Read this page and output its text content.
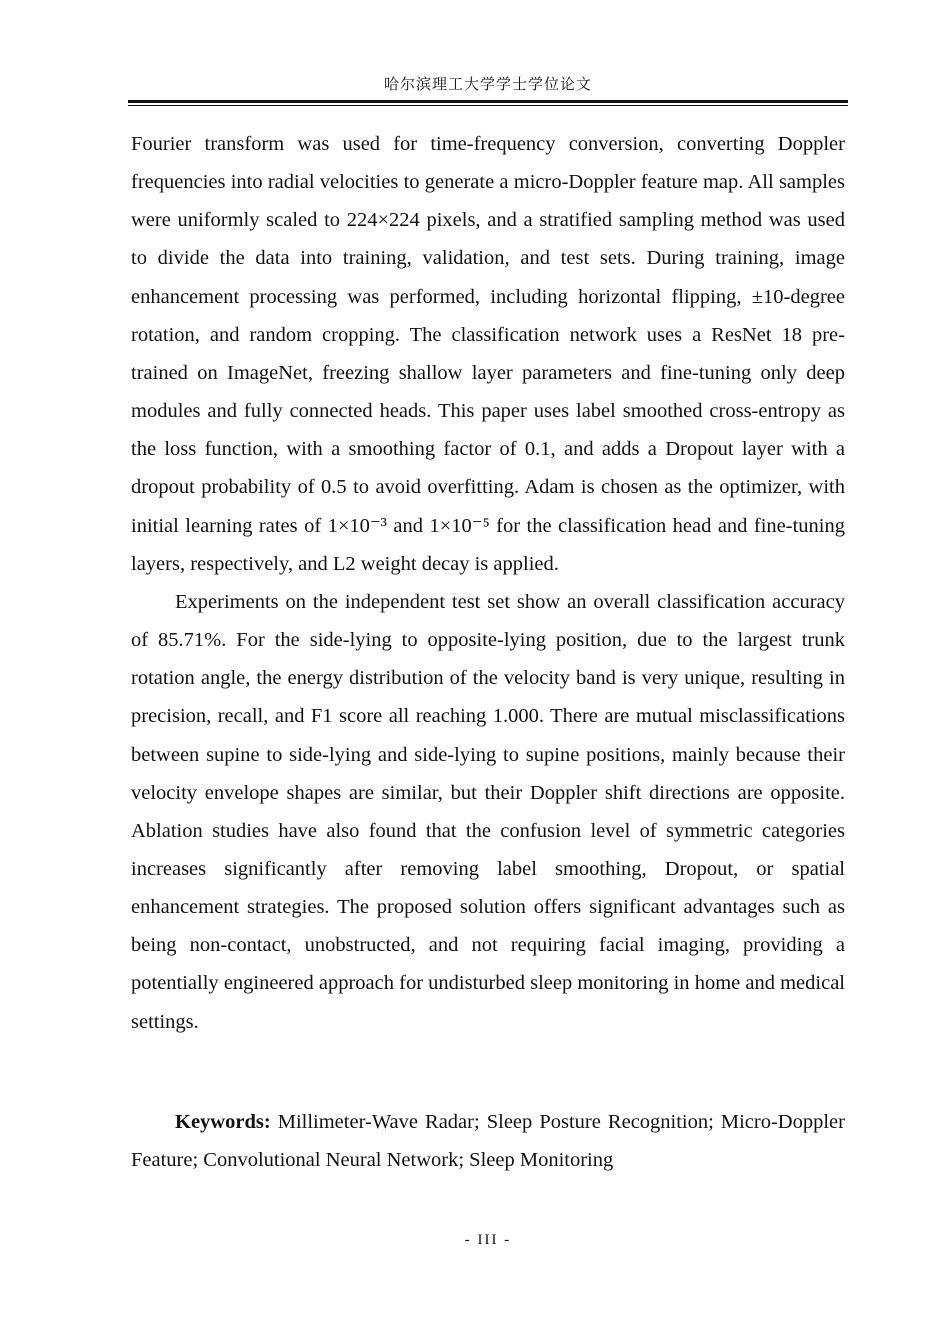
哈尔滨理工大学学士学位论文

Fourier transform was used for time-frequency conversion, converting Doppler frequencies into radial velocities to generate a micro-Doppler feature map. All samples were uniformly scaled to 224×224 pixels, and a stratified sampling method was used to divide the data into training, validation, and test sets. During training, image enhancement processing was performed, including horizontal flipping, ±10-degree rotation, and random cropping. The classification network uses a ResNet 18 pre-trained on ImageNet, freezing shallow layer parameters and fine-tuning only deep modules and fully connected heads. This paper uses label smoothed cross-entropy as the loss function, with a smoothing factor of 0.1, and adds a Dropout layer with a dropout probability of 0.5 to avoid overfitting. Adam is chosen as the optimizer, with initial learning rates of 1×10⁻³ and 1×10⁻⁵ for the classification head and fine-tuning layers, respectively, and L2 weight decay is applied.

Experiments on the independent test set show an overall classification accuracy of 85.71%. For the side-lying to opposite-lying position, due to the largest trunk rotation angle, the energy distribution of the velocity band is very unique, resulting in precision, recall, and F1 score all reaching 1.000. There are mutual misclassifications between supine to side-lying and side-lying to supine positions, mainly because their velocity envelope shapes are similar, but their Doppler shift directions are opposite. Ablation studies have also found that the confusion level of symmetric categories increases significantly after removing label smoothing, Dropout, or spatial enhancement strategies. The proposed solution offers significant advantages such as being non-contact, unobstructed, and not requiring facial imaging, providing a potentially engineered approach for undisturbed sleep monitoring in home and medical settings.

Keywords: Millimeter-Wave Radar; Sleep Posture Recognition; Micro-Doppler Feature; Convolutional Neural Network; Sleep Monitoring

- III -
